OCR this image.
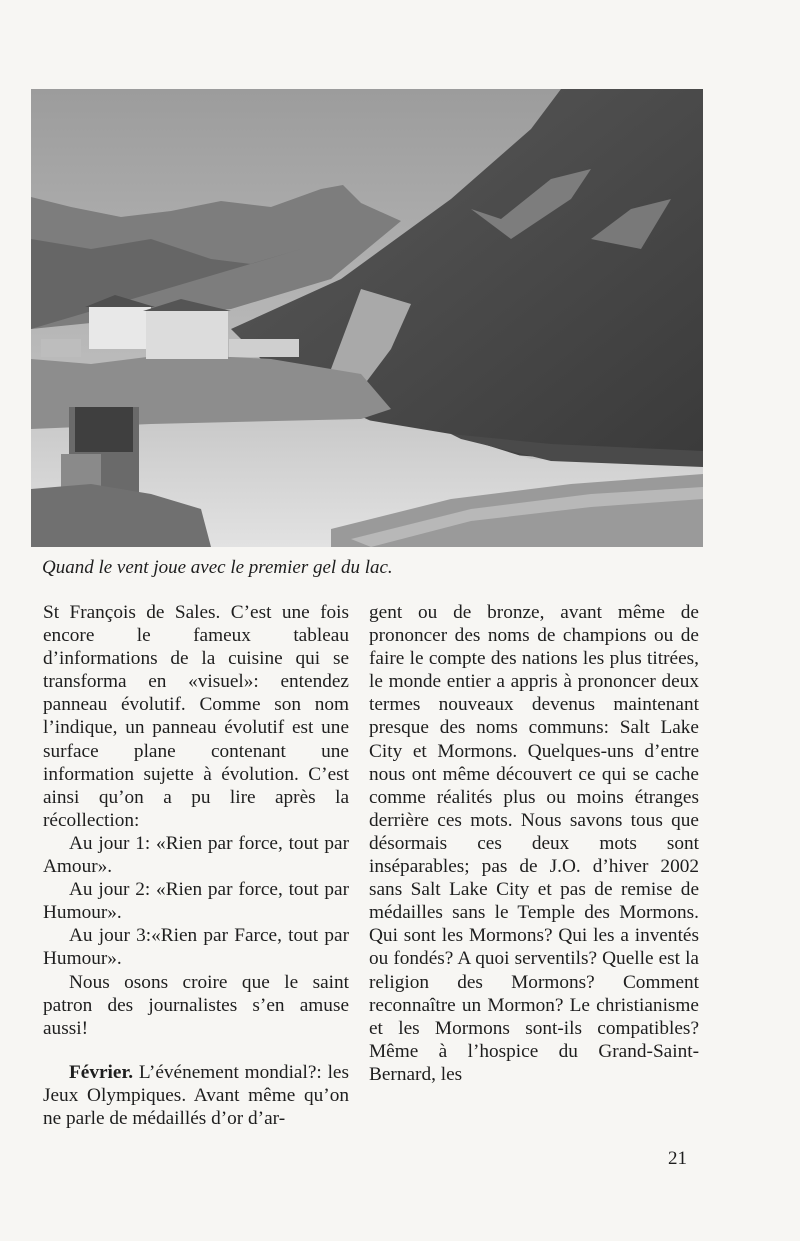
Quand le vent joue avec le premier gel du lac.

St François de Sales. C’est une fois encore le fameux tableau d’informations de la cuisine qui se transforma en «visuel»: entendez panneau évolutif. Comme son nom l’indique, un panneau évolutif est une surface plane contenant une information sujette à évolution. C’est ainsi qu’on a pu lire après la récollection:

Au jour 1: «Rien par force, tout par Amour».

Au jour 2: «Rien par force, tout par Humour».

Au jour 3:«Rien par Farce, tout par Humour».

Nous osons croire que le saint patron des journalistes s’en amuse aussi!

Février. L’événement mondial?: les Jeux Olympiques. Avant même qu’on ne parle de médaillés d’or d’ar-

gent ou de bronze, avant même de prononcer des noms de champions ou de faire le compte des nations les plus titrées, le monde entier a appris à prononcer deux termes nouveaux devenus maintenant presque des noms communs: Salt Lake City et Mormons. Quelques-uns d’entre nous ont même découvert ce qui se cache comme réalités plus ou moins étranges derrière ces mots. Nous savons tous que désormais ces deux mots sont inséparables; pas de J.O. d’hiver 2002 sans Salt Lake City et pas de remise de médailles sans le Temple des Mormons. Qui sont les Mormons? Qui les a inventés ou fondés? A quoi serventils? Quelle est la religion des Mormons? Comment reconnaître un Mormon? Le christianisme et les Mormons sont-ils compatibles? Même à l’hospice du Grand-Saint-Bernard, les

21
